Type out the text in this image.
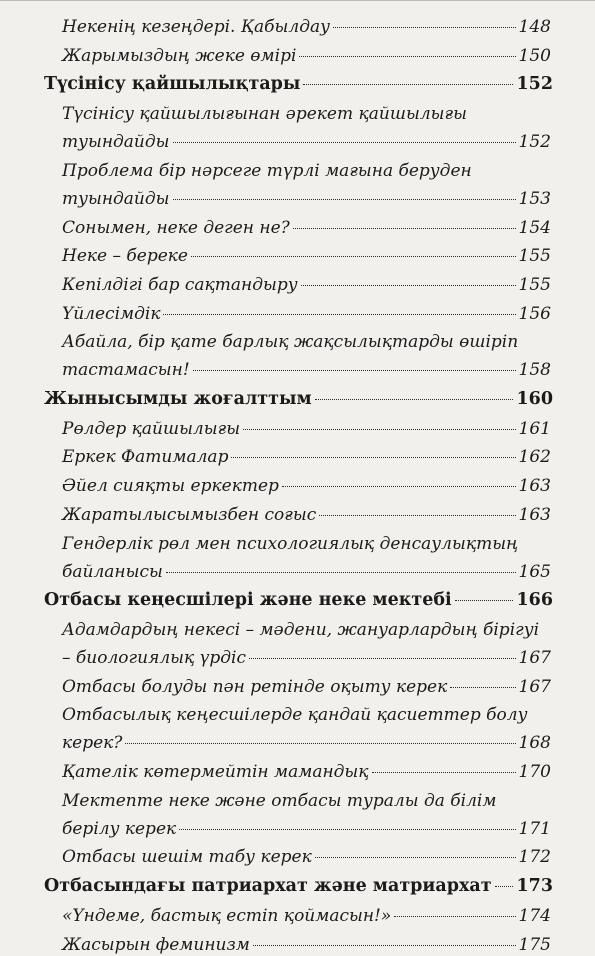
Некенің кезеңдері. Қабылдау	148
Жарымыздың жеке өмірі	150
Түсінісу қайшылықтары	152
Түсінісу қайшылығынан әрекет қайшылығы
туындайды	152
Проблема бір нәрсеге түрлі мағына беруден
туындайды	153
Сонымен, неке деген не?	154
Неке – береке	155
Кепілдігі бар сақтандыру	155
Үйлесімдік	156
Абайла, бір қате барлық жақсылықтарды өшіріп
тастамасын!	158
Жынысымды жоғалттым	160
Рөлдер қайшылығы	161
Еркек Фатималар	162
Әйел сияқты еркектер	163
Жаратылысымызбен соғыс	163
Гендерлік рөл мен психологиялық денсаулықтың
байланысы	165
Отбасы кеңесшілері және неке мектебі	166
Адамдардың некесі – мәдени, жануарлардың бірігуі
– биологиялық үрдіс	167
Отбасы болуды пән ретінде оқыту керек	167
Отбасылық кеңесшілерде қандай қасиеттер болу
керек?	168
Қателік көтермейтін мамандық	170
Мектепте неке және отбасы туралы да білім
берілу керек	171
Отбасы шешім табу керек	172
Отбасындағы патриархат және матриархат 173
«Үндеме, бастық естіп қоймасын!»	174
Жасырын феминизм	175
